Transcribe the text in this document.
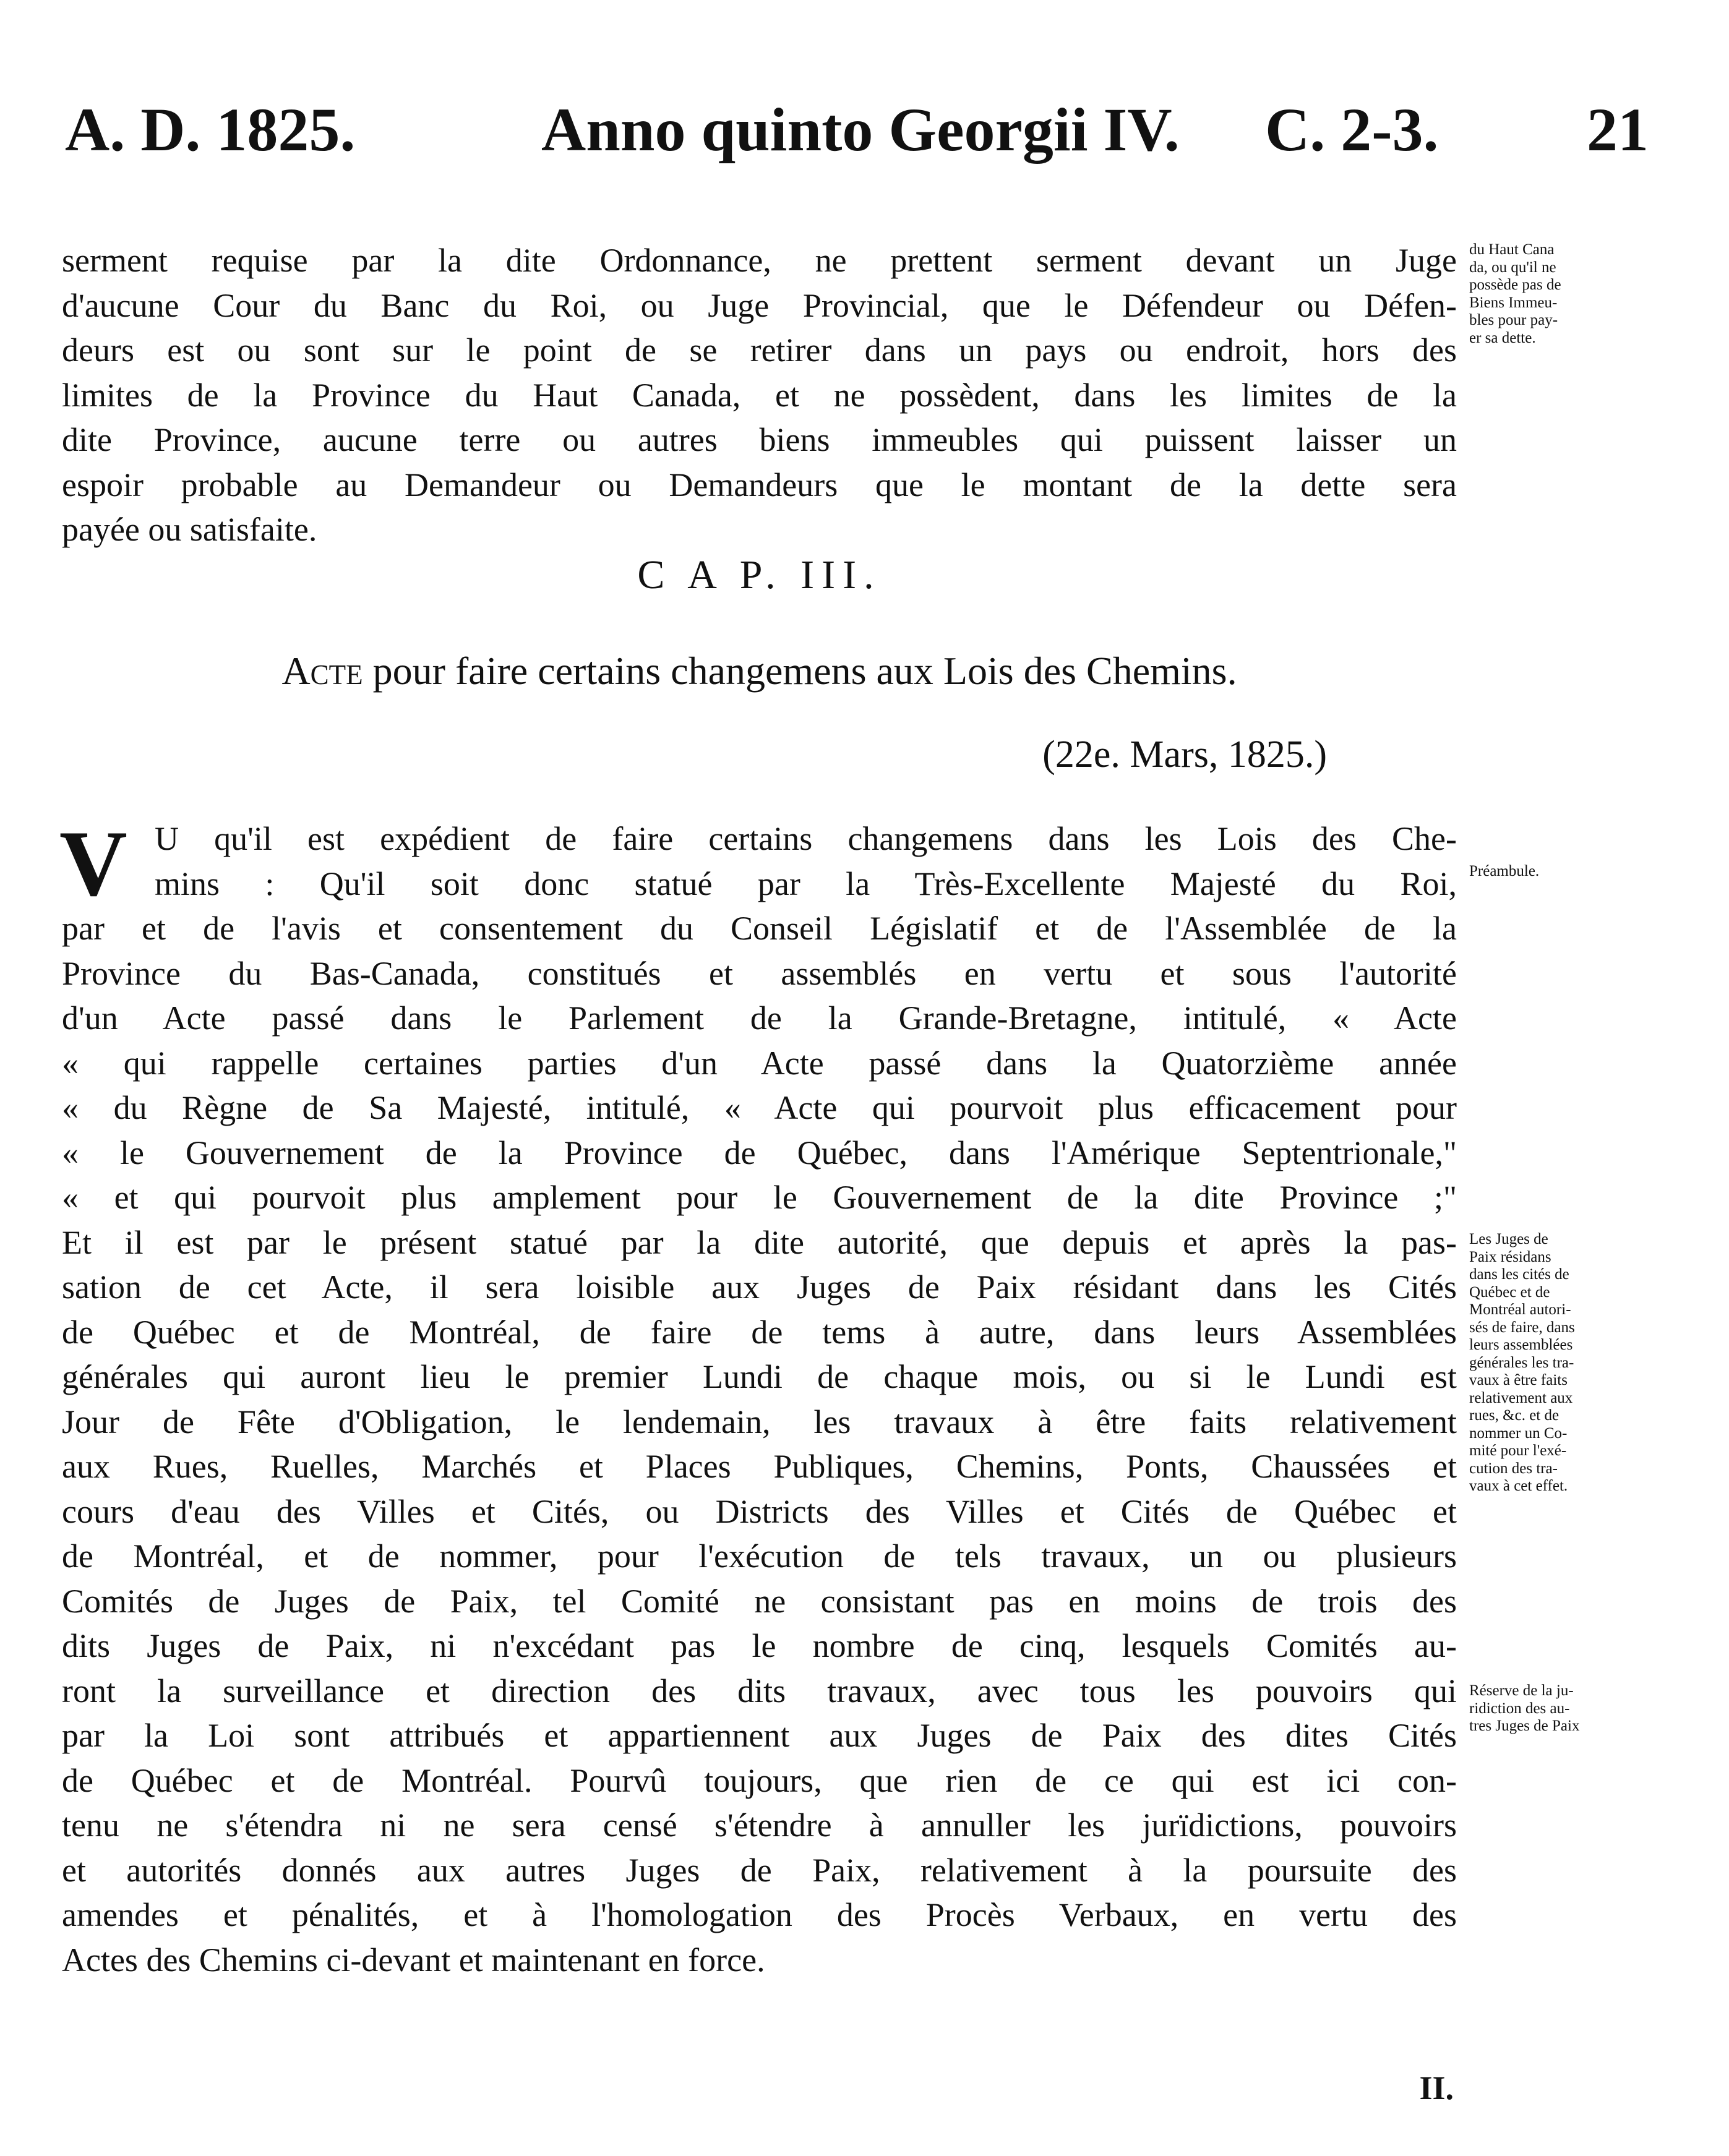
A. D. 1825.	Anno quinto Georgii IV. C. 2-3. 21
serment requise par la dite Ordonnance, ne prettent serment devant un Juge
d'aucune Cour du Banc du Roi, ou Juge Provincial, que le Défendeur ou Défen-
deurs est ou sont sur le point de se retirer dans un pays ou endroit, hors des
limites de la Province du Haut Canada, et ne possèdent, dans les limites de la
dite Province, aucune terre ou autres biens immeubles qui puissent laisser un
espoir probable au Demandeur ou Demandeurs que le montant de la dette sera
payée ou satisfaite.
du Haut Cana
da, ou qu'il ne
possède pas de
Biens Immeu-
bles pour pay-
er sa dette.
C A P. III.
Acte pour faire certains changemens aux Lois des Chemins.
(22e. Mars, 1825.)
Préambule.
V U qu'il est expédient de faire certains changemens dans les Lois des Che-
mins : Qu'il soit donc statué par la Très-Excellente Majesté du Roi,
par et de l'avis et consentement du Conseil Législatif et de l'Assemblée de la
Province du Bas-Canada, constitués et assemblés en vertu et sous l'autorité
d'un Acte passé dans le Parlement de la Grande-Bretagne, intitulé, « Acte
« qui rappelle certaines parties d'un Acte passé dans la Quatorzième année
« du Règne de Sa Majesté, intitulé, « Acte qui pourvoit plus efficacement pour
« le Gouvernement de la Province de Québec, dans l'Amérique Septentrionale,"
« et qui pourvoit plus amplement pour le Gouvernement de la dite Province ;"
Et il est par le présent statué par la dite autorité, que depuis et après la pas-
sation de cet Acte, il sera loisible aux Juges de Paix résidant dans les Cités
de Québec et de Montréal, de faire de tems à autre, dans leurs Assemblées
générales qui auront lieu le premier Lundi de chaque mois, ou si le Lundi est
Jour de Fête d'Obligation, le lendemain, les travaux à être faits relativement
aux Rues, Ruelles, Marchés et Places Publiques, Chemins, Ponts, Chaussées et
cours d'eau des Villes et Cités, ou Districts des Villes et Cités de Québec et
de Montréal, et de nommer, pour l'exécution de tels travaux, un ou plusieurs
Comités de Juges de Paix, tel Comité ne consistant pas en moins de trois des
dits Juges de Paix, ni n'excédant pas le nombre de cinq, lesquels Comités au-
ront la surveillance et direction des dits travaux, avec tous les pouvoirs qui
par la Loi sont attribués et appartiennent aux Juges de Paix des dites Cités
de Québec et de Montréal. Pourvû toujours, que rien de ce qui est ici con-
tenu ne s'étendra ni ne sera censé s'étendre à annuller les jurïdictions, pouvoirs
et autorités donnés aux autres Juges de Paix, relativement à la poursuite des
amendes et pénalités, et à l'homologation des Procès Verbaux, en vertu des
Actes des Chemins ci-devant et maintenant en force.
Les Juges de
Paix résidans
dans les cités de
Québec et de
Montréal autori-
sés de faire, dans
leurs assemblées
générales les tra-
vaux à être faits
relativement aux
rues, &c. et de
nommer un Co-
mité pour l'exé-
cution des tra-
vaux à cet effet.
Réserve de la ju-
ridiction des au-
tres Juges de Paix
II.
